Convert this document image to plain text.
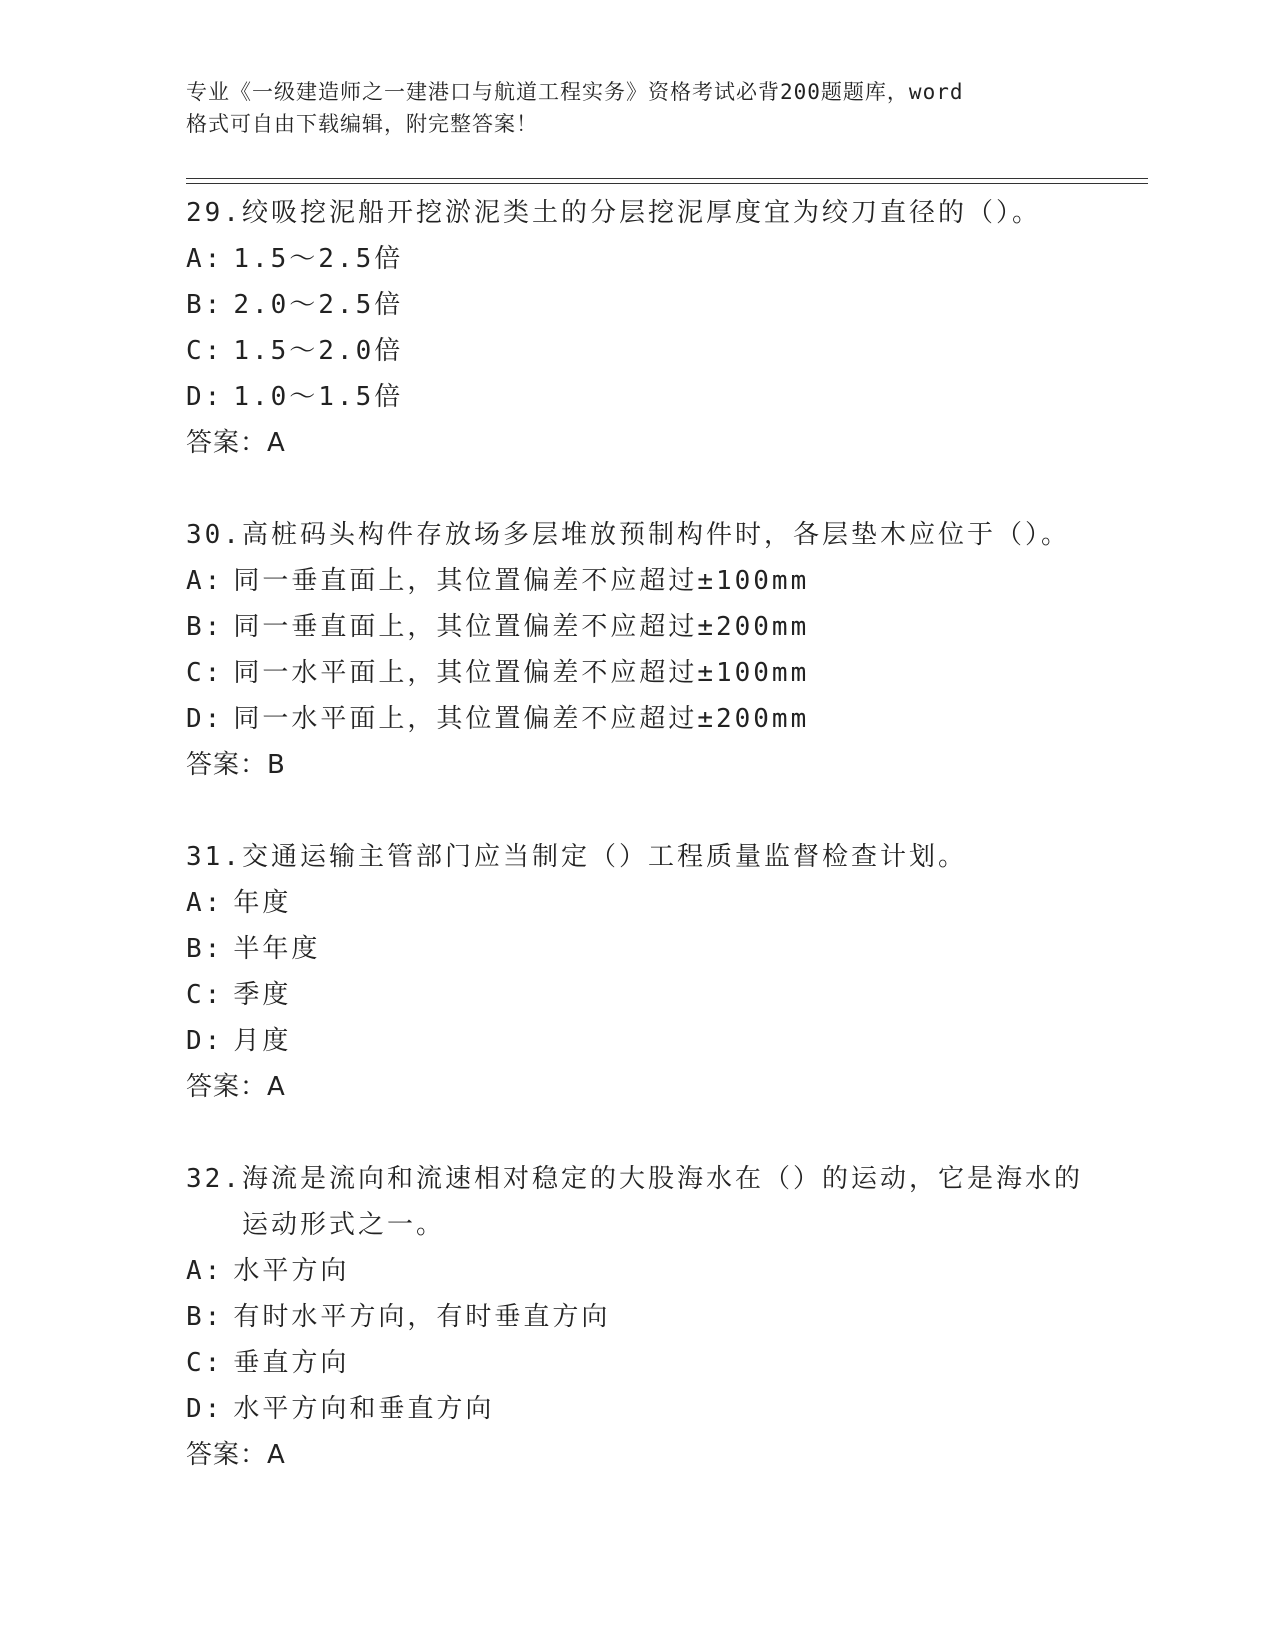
专业《一级建造师之一建港口与航道工程实务》资格考试必背200题题库，word
格式可自由下载编辑，附完整答案！
29. 绞吸挖泥船开挖淤泥类土的分层挖泥厚度宜为绞刀直径的（）。
A: 1.5～2.5倍
B: 2.0～2.5倍
C: 1.5～2.0倍
D: 1.0～1.5倍
答案：A
30. 高桩码头构件存放场多层堆放预制构件时，各层垫木应位于（）。
A: 同一垂直面上，其位置偏差不应超过±100mm
B: 同一垂直面上，其位置偏差不应超过±200mm
C: 同一水平面上，其位置偏差不应超过±100mm
D: 同一水平面上，其位置偏差不应超过±200mm
答案：B
31. 交通运输主管部门应当制定（）工程质量监督检查计划。
A: 年度
B: 半年度
C: 季度
D: 月度
答案：A
32. 海流是流向和流速相对稳定的大股海水在（）的运动，它是海水的运动形式之一。
A: 水平方向
B: 有时水平方向，有时垂直方向
C: 垂直方向
D: 水平方向和垂直方向
答案：A
